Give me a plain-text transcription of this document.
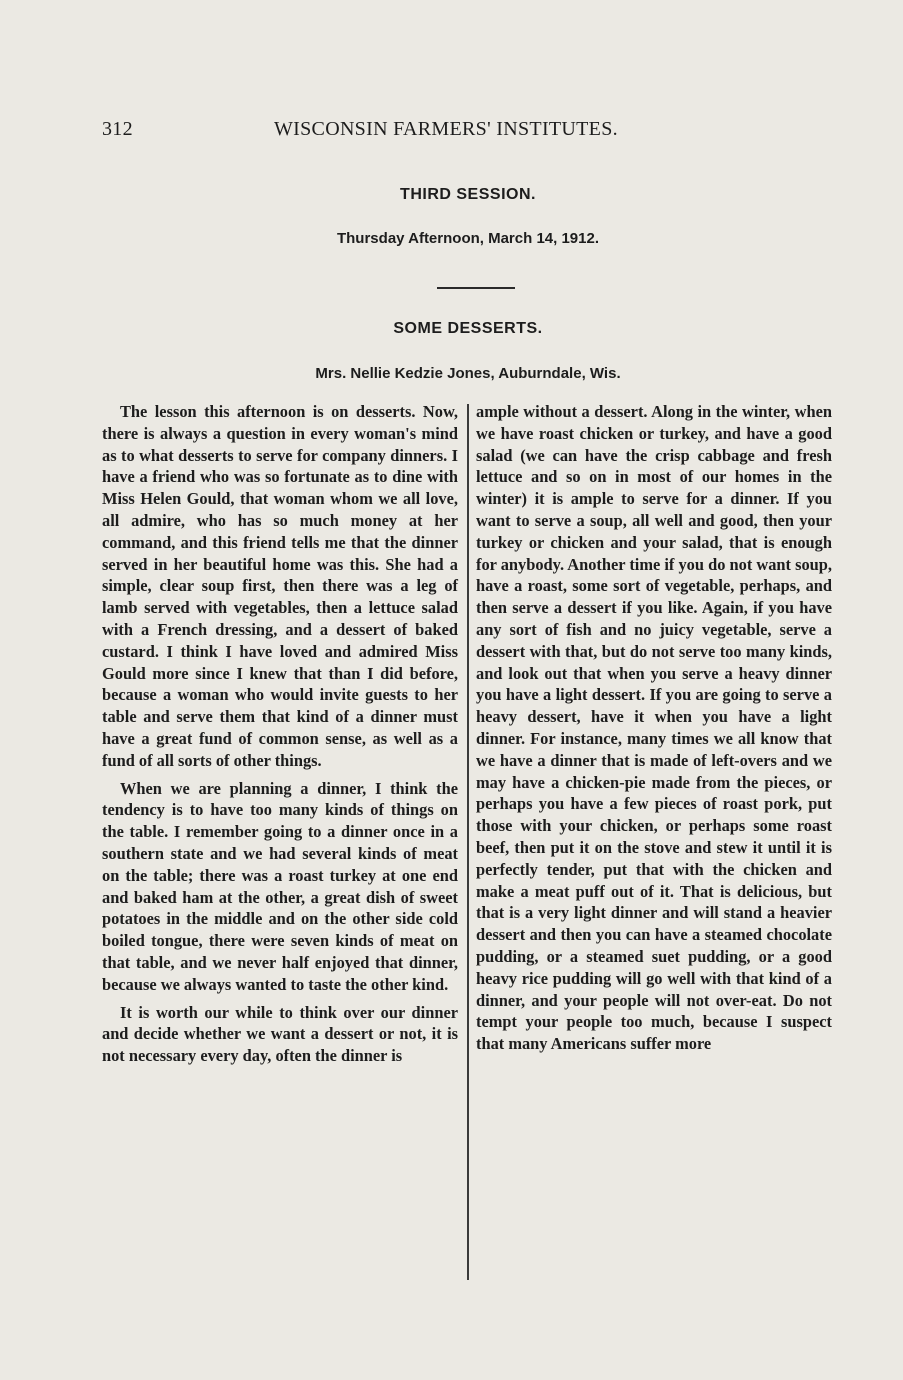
312	WISCONSIN FARMERS' INSTITUTES.
THIRD SESSION.
Thursday Afternoon, March 14, 1912.
SOME DESSERTS.
Mrs. Nellie Kedzie Jones, Auburndale, Wis.

The lesson this afternoon is on desserts. Now, there is always a question in every woman's mind as to what desserts to serve for company dinners. I have a friend who was so fortunate as to dine with Miss Helen Gould, that woman whom we all love, all admire, who has so much money at her command, and this friend tells me that the dinner served in her beautiful home was this. She had a simple, clear soup first, then there was a leg of lamb served with vegetables, then a lettuce salad with a French dressing, and a dessert of baked custard. I think I have loved and admired Miss Gould more since I knew that than I did before, because a woman who would invite guests to her table and serve them that kind of a dinner must have a great fund of common sense, as well as a fund of all sorts of other things.

When we are planning a dinner, I think the tendency is to have too many kinds of things on the table. I remember going to a dinner once in a southern state and we had several kinds of meat on the table; there was a roast turkey at one end and baked ham at the other, a great dish of sweet potatoes in the middle and on the other side cold boiled tongue, there were seven kinds of meat on that table, and we never half enjoyed that dinner, because we always wanted to taste the other kind.

It is worth our while to think over our dinner and decide whether we want a dessert or not, it is not necessary every day, often the dinner is

ample without a dessert. Along in the winter, when we have roast chicken or turkey, and have a good salad (we can have the crisp cabbage and fresh lettuce and so on in most of our homes in the winter) it is ample to serve for a dinner. If you want to serve a soup, all well and good, then your turkey or chicken and your salad, that is enough for anybody. Another time if you do not want soup, have a roast, some sort of vegetable, perhaps, and then serve a dessert if you like. Again, if you have any sort of fish and no juicy vegetable, serve a dessert with that, but do not serve too many kinds, and look out that when you serve a heavy dinner you have a light dessert. If you are going to serve a heavy dessert, have it when you have a light dinner. For instance, many times we all know that we have a dinner that is made of left-overs and we may have a chicken-pie made from the pieces, or perhaps you have a few pieces of roast pork, put those with your chicken, or perhaps some roast beef, then put it on the stove and stew it until it is perfectly tender, put that with the chicken and make a meat puff out of it. That is delicious, but that is a very light dinner and will stand a heavier dessert and then you can have a steamed chocolate pudding, or a steamed suet pudding, or a good heavy rice pudding will go well with that kind of a dinner, and your people will not over-eat. Do not tempt your people too much, because I suspect that many Americans suffer more
